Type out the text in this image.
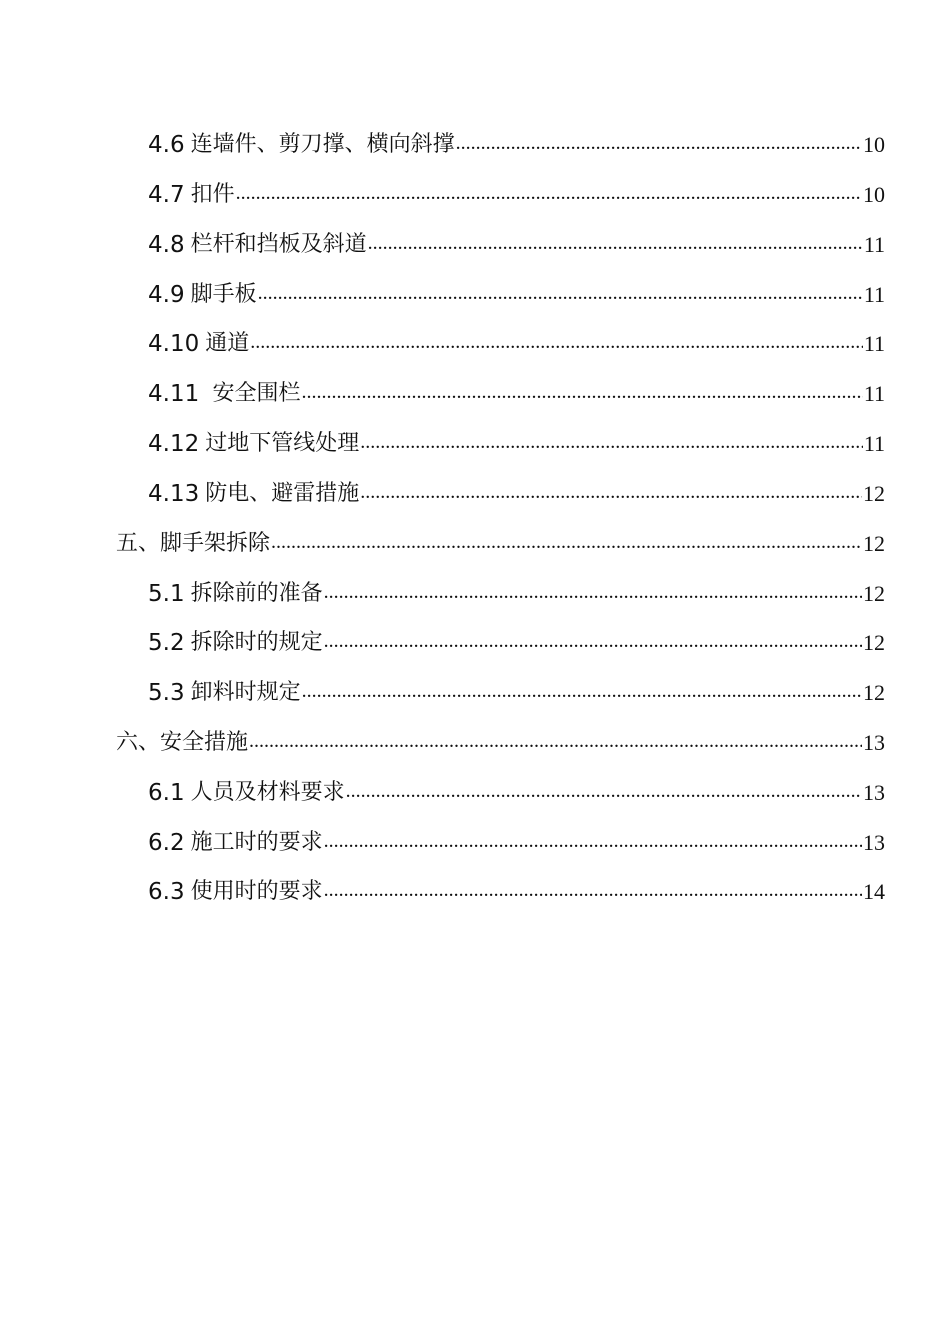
4.6 连墙件、剪刀撑、横向斜撑 .....	10
4.7 扣件 .....	10
4.8 栏杆和挡板及斜道 .....	11
4.9 脚手板 .....	11
4.10 通道 .....	11
4.11 安全围栏 .....	11
4.12 过地下管线处理 .....	11
4.13 防电、避雷措施 .....	12
五、脚手架拆除 .....	12
5.1 拆除前的准备 .....	12
5.2 拆除时的规定 .....	12
5.3 卸料时规定 .....	12
六、安全措施 .....	13
6.1 人员及材料要求 .....	13
6.2 施工时的要求 .....	13
6.3 使用时的要求 .....	14
